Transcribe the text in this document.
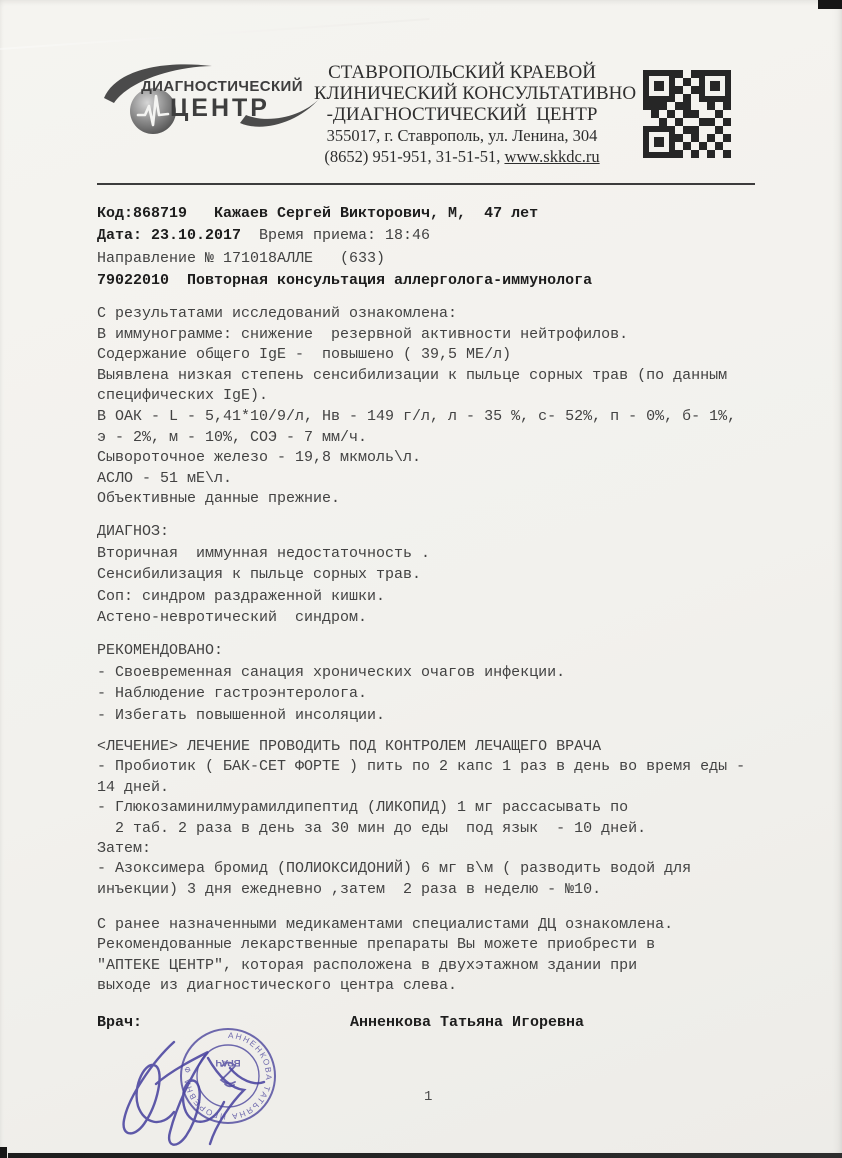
ДИАГНОСТИЧЕСКИЙ
ЦЕНТР
СТАВРОПОЛЬСКИЙ КРАЕВОЙ
КЛИНИЧЕСКИЙ КОНСУЛЬТАТИВНО
-ДИАГНОСТИЧЕСКИЙ  ЦЕНТР
355017, г. Ставрополь, ул. Ленина, 304
(8652) 951-951, 31-51-51, www.skkdc.ru
Код:868719   Кажаев Сергей Викторович, М,  47 лет
Дата: 23.10.2017 Время приема: 18:46
Направление № 171018АЛЛЕ   (633)
79022010  Повторная консультация аллерголога-иммунолога
С результатами исследований ознакомлена:
В иммунограмме: снижение  резервной активности нейтрофилов.
Содержание общего IgE -  повышено ( 39,5 МЕ/л)
Выявлена низкая степень сенсибилизации к пыльце сорных трав (по данным
специфических IgE).
В ОАК - L - 5,41*10/9/л, Нв - 149 г/л, л - 35 %, с- 52%, п - 0%, б- 1%,
э - 2%, м - 10%, СОЭ - 7 мм/ч.
Сывороточное железо - 19,8 мкмоль\л.
АСЛО - 51 мЕ\л.
Объективные данные прежние.
ДИАГНОЗ:
Вторичная  иммунная недостаточность .
Сенсибилизация к пыльце сорных трав.
Соп: синдром раздраженной кишки.
Астено-невротический  синдром.
РЕКОМЕНДОВАНО:
- Своевременная санация хронических очагов инфекции.
- Наблюдение гастроэнтеролога.
- Избегать повышенной инсоляции.
<ЛЕЧЕНИЕ> ЛЕЧЕНИЕ ПРОВОДИТЬ ПОД КОНТРОЛЕМ ЛЕЧАЩЕГО ВРАЧА
- Пробиотик ( БАК-СЕТ ФОРТЕ ) пить по 2 капс 1 раз в день во время еды -
14 дней.
- Глюкозаминилмурамилдипептид (ЛИКОПИД) 1 мг рассасывать по
2 таб. 2 раза в день за 30 мин до еды  под язык  - 10 дней.
Затем:
- Азоксимера бромид (ПОЛИОКСИДОНИЙ) 6 мг в\м ( разводить водой для
инъекции) 3 дня ежедневно ,затем  2 раза в неделю - №10.
С ранее назначенными медикаментами специалистами ДЦ ознакомлена.
Рекомендованные лекарственные препараты Вы можете приобрести в
"АПТЕКЕ ЦЕНТР", которая расположена в двухэтажном здании при
выходе из диагностического центра слева.
Врач:	Анненкова Татьяна Игоревна
АННЕНКОВА ТАТЬЯНА ИГОРЕВНА Ф
ВРАЧ
1
